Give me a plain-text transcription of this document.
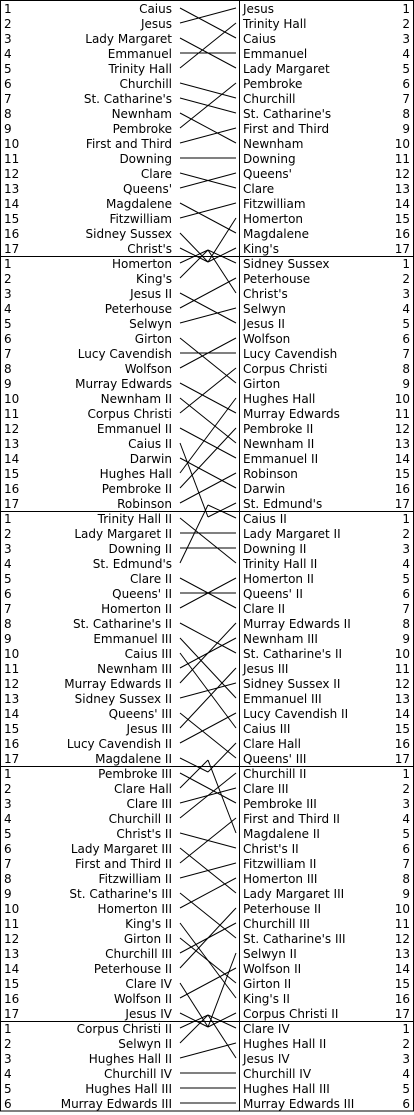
1	Caius	Jesus	1
2	Jesus	Trinity Hall	2
3	Lady Margaret	Caius	3
4	Emmanuel	Emmanuel	4
5	Trinity Hall	Lady Margaret	5
6	Churchill	Pembroke	6
7	St. Catharine's	Churchill	7
8	Newnham	St. Catharine's	8
9	Pembroke	First and Third	9
10	First and Third	Newnham	10
11	Downing	Downing	11
12	Clare	Queens'	12
13	Queens'	Clare	13
14	Magdalene	Fitzwilliam	14
15	Fitzwilliam	Homerton	15
16	Sidney Sussex	Magdalene	16
17	Christ's	King's	17
1	Homerton	Sidney Sussex	1
2	King's	Peterhouse	2
3	Jesus II	Christ's	3
4	Peterhouse	Selwyn	4
5	Selwyn	Jesus II	5
6	Girton	Wolfson	6
7	Lucy Cavendish	Lucy Cavendish	7
8	Wolfson	Corpus Christi	8
9	Murray Edwards	Girton	9
10	Newnham II	Hughes Hall	10
11	Corpus Christi	Murray Edwards	11
12	Emmanuel II	Pembroke II	12
13	Caius II	Newnham II	13
14	Darwin	Emmanuel II	14
15	Hughes Hall	Robinson	15
16	Pembroke II	Darwin	16
17	Robinson	St. Edmund's	17
1	Trinity Hall II	Caius II	1
2	Lady Margaret II	Lady Margaret II	2
3	Downing II	Downing II	3
4	St. Edmund's	Trinity Hall II	4
5	Clare II	Homerton II	5
6	Queens' II	Queens' II	6
7	Homerton II	Clare II	7
8	St. Catharine's II	Murray Edwards II	8
9	Emmanuel III	Newnham III	9
10	Caius III	St. Catharine's II	10
11	Newnham III	Jesus III	11
12	Murray Edwards II	Sidney Sussex II	12
13	Sidney Sussex II	Emmanuel III	13
14	Queens' III	Lucy Cavendish II	14
15	Jesus III	Caius III	15
16	Lucy Cavendish II	Clare Hall	16
17	Magdalene II	Queens' III	17
1	Pembroke III	Churchill II	1
2	Clare Hall	Clare III	2
3	Clare III	Pembroke III	3
4	Churchill II	First and Third II	4
5	Christ's II	Magdalene II	5
6	Lady Margaret III	Christ's II	6
7	First and Third II	Fitzwilliam II	7
8	Fitzwilliam II	Homerton III	8
9	St. Catharine's III	Lady Margaret III	9
10	Homerton III	Peterhouse II	10
11	King's II	Churchill III	11
12	Girton II	St. Catharine's III	12
13	Churchill III	Selwyn II	13
14	Peterhouse II	Wolfson II	14
15	Clare IV	Girton II	15
16	Wolfson II	King's II	16
17	Jesus IV	Corpus Christi II	17
1	Corpus Christi II	Clare IV	1
2	Selwyn II	Hughes Hall II	2
3	Hughes Hall II	Jesus IV	3
4	Churchill IV	Churchill IV	4
5	Hughes Hall III	Hughes Hall III	5
6	Murray Edwards III	Murray Edwards III	6
